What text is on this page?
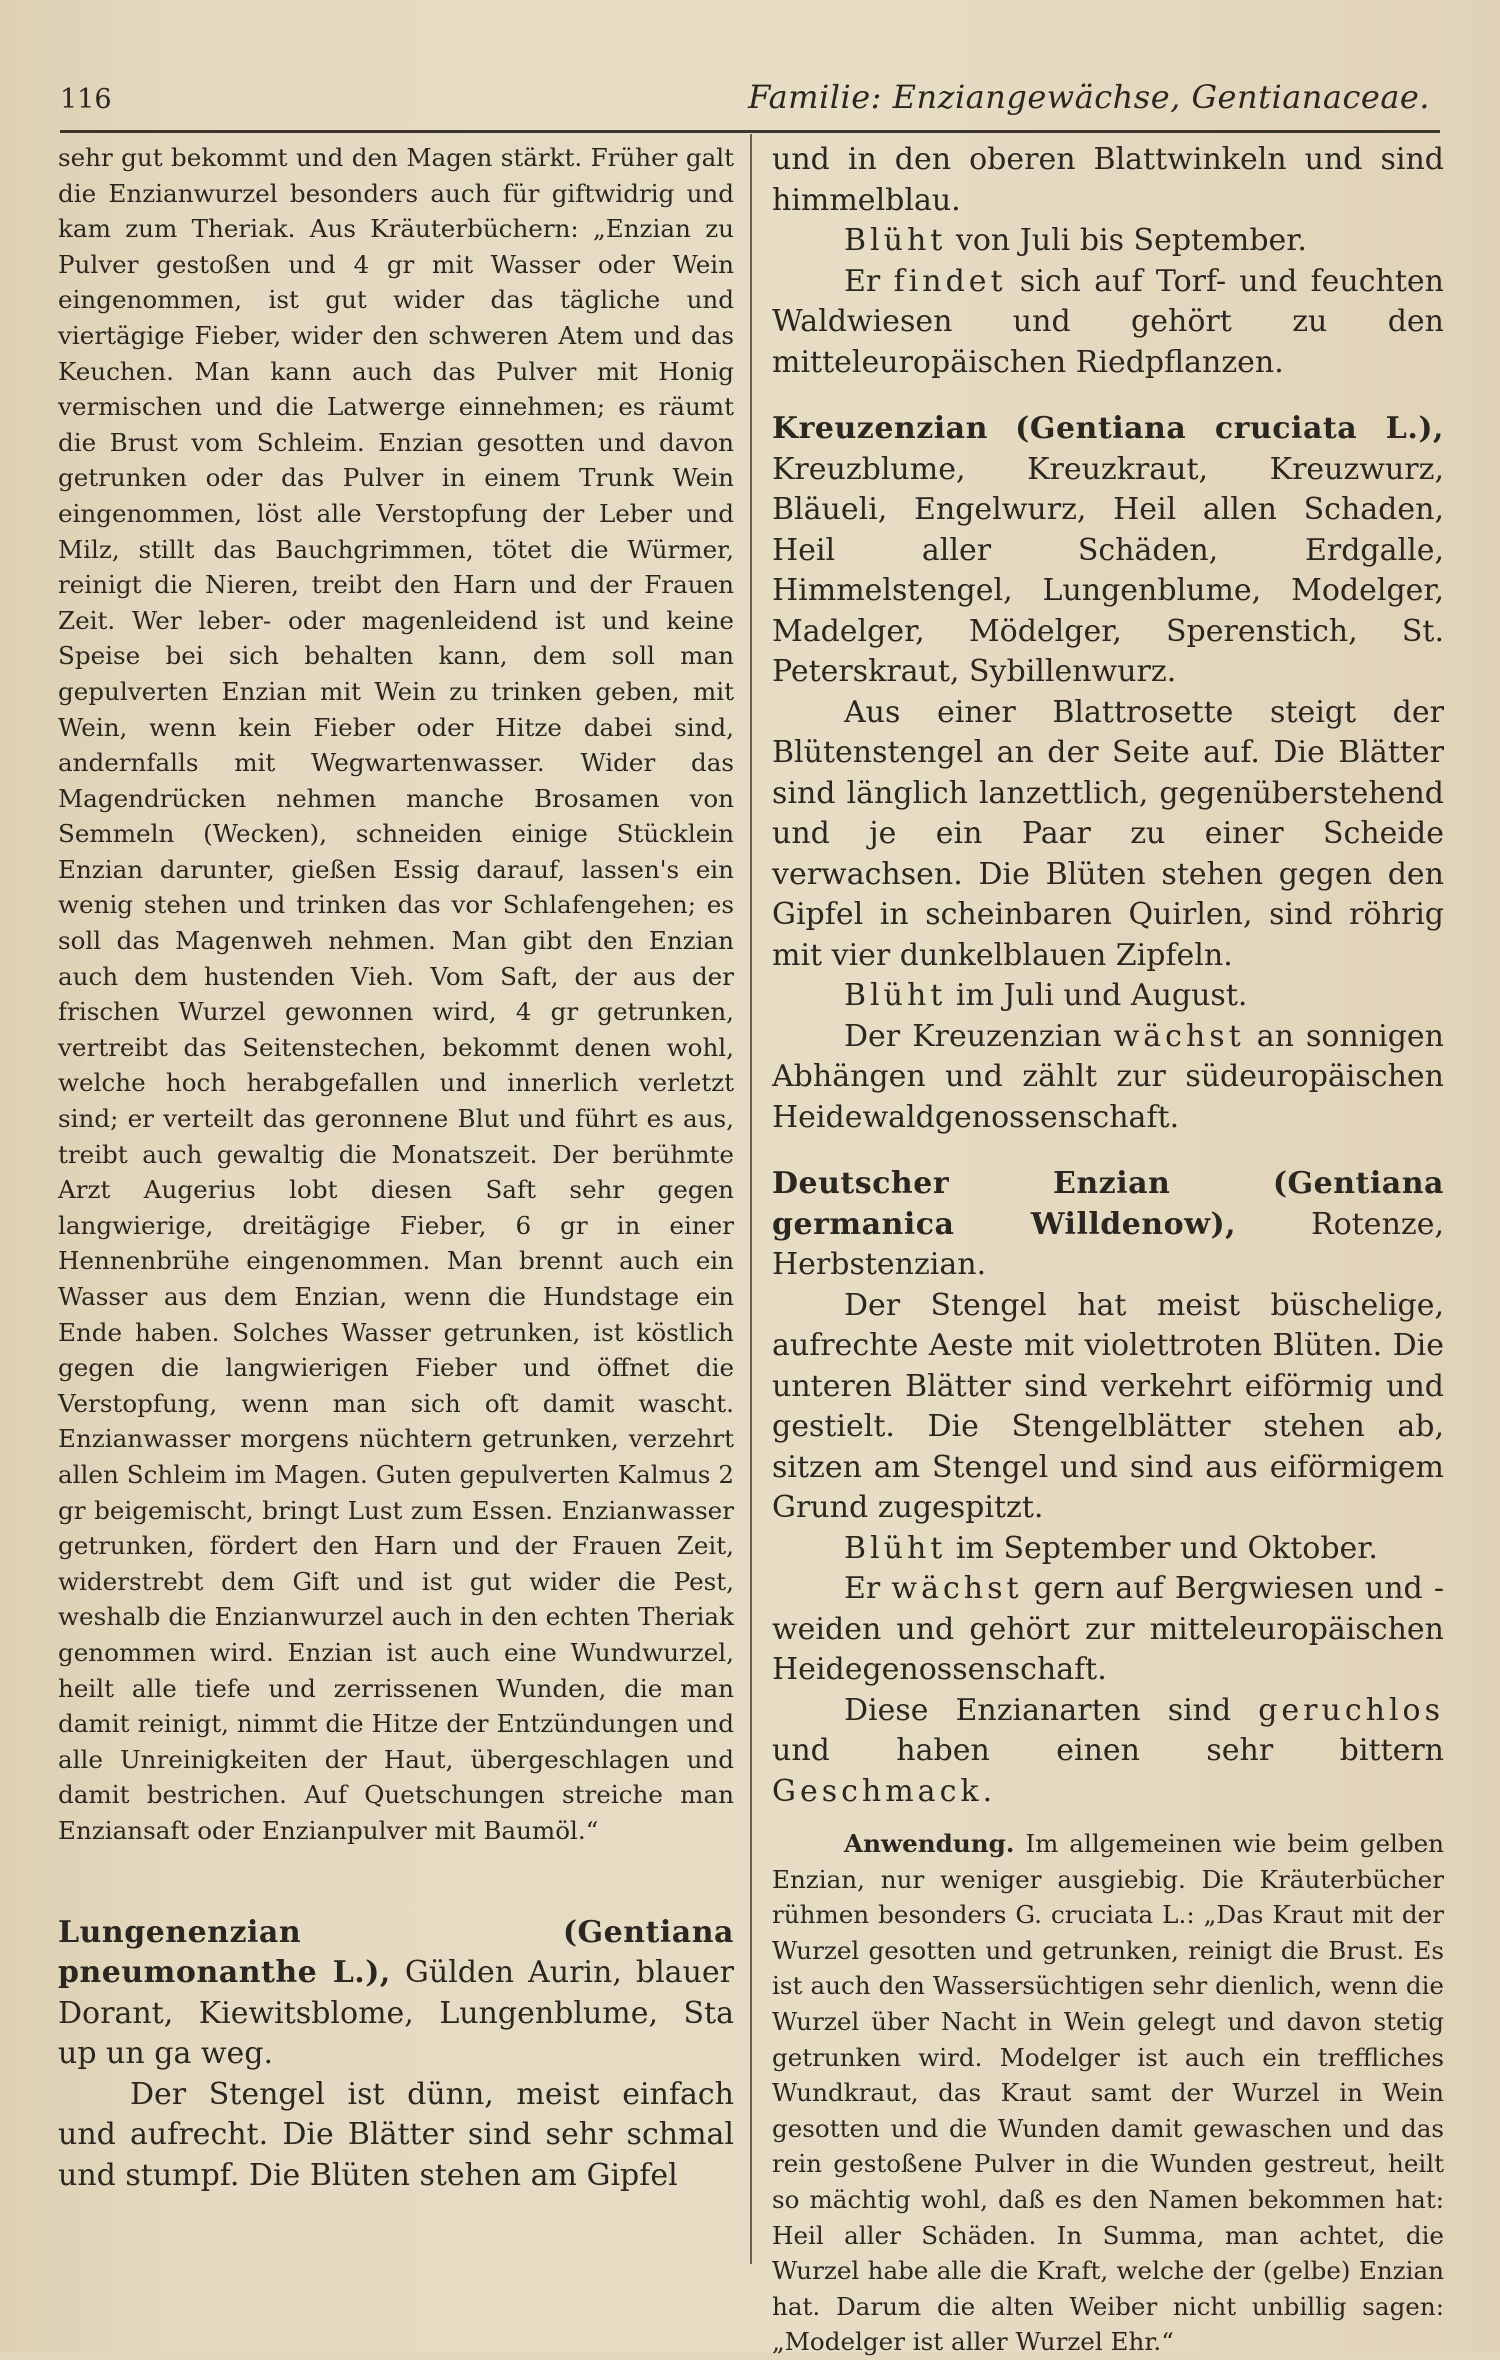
116	Familie: Enziangewächse, Gentianaceae.

sehr gut bekommt und den Magen stärkt. Früher galt die Enzianwurzel besonders auch für giftwidrig und kam zum Theriak. Aus Kräuterbüchern: „Enzian zu Pulver gestoßen und 4 gr mit Wasser oder Wein eingenommen, ist gut wider das tägliche und viertägige Fieber, wider den schweren Atem und das Keuchen. Man kann auch das Pulver mit Honig vermischen und die Latwerge einnehmen; es räumt die Brust vom Schleim. Enzian gesotten und davon getrunken oder das Pulver in einem Trunk Wein eingenommen, löst alle Verstopfung der Leber und Milz, stillt das Bauchgrimmen, tötet die Würmer, reinigt die Nieren, treibt den Harn und der Frauen Zeit. Wer leber- oder magenleidend ist und keine Speise bei sich behalten kann, dem soll man gepulverten Enzian mit Wein zu trinken geben, mit Wein, wenn kein Fieber oder Hitze dabei sind, andernfalls mit Wegwartenwasser. Wider das Magendrücken nehmen manche Brosamen von Semmeln (Wecken), schneiden einige Stücklein Enzian darunter, gießen Essig darauf, lassen's ein wenig stehen und trinken das vor Schlafengehen; es soll das Magenweh nehmen. Man gibt den Enzian auch dem hustenden Vieh. Vom Saft, der aus der frischen Wurzel gewonnen wird, 4 gr getrunken, vertreibt das Seitenstechen, bekommt denen wohl, welche hoch herabgefallen und innerlich verletzt sind; er verteilt das geronnene Blut und führt es aus, treibt auch gewaltig die Monatszeit. Der berühmte Arzt Augerius lobt diesen Saft sehr gegen langwierige, dreitägige Fieber, 6 gr in einer Hennenbrühe eingenommen. Man brennt auch ein Wasser aus dem Enzian, wenn die Hundstage ein Ende haben. Solches Wasser getrunken, ist köstlich gegen die langwierigen Fieber und öffnet die Verstopfung, wenn man sich oft damit wascht. Enzianwasser morgens nüchtern getrunken, verzehrt allen Schleim im Magen. Guten gepulverten Kalmus 2 gr beigemischt, bringt Lust zum Essen. Enzianwasser getrunken, fördert den Harn und der Frauen Zeit, widerstrebt dem Gift und ist gut wider die Pest, weshalb die Enzianwurzel auch in den echten Theriak genommen wird. Enzian ist auch eine Wundwurzel, heilt alle tiefe und zerrissenen Wunden, die man damit reinigt, nimmt die Hitze der Entzündungen und alle Unreinigkeiten der Haut, übergeschlagen und damit bestrichen. Auf Quetschungen streiche man Enziansaft oder Enzianpulver mit Baumöl.“

Lungenenzian	(Gentiana pneumonanthe L.), Gülden Aurin, blauer Dorant, Kiewitsblome, Lungenblume, Sta up un ga weg.

Der Stengel ist dünn, meist einfach und aufrecht. Die Blätter sind sehr schmal und stumpf. Die Blüten stehen am Gipfel

und in den oberen Blattwinkeln und sind himmelblau.

Blüht von Juli bis September.

Er findet sich auf Torf- und feuchten Waldwiesen und gehört zu den mitteleuropäischen Riedpflanzen.

Kreuzenzian (Gentiana cruciata L.), Kreuzblume, Kreuzkraut, Kreuzwurz, Bläueli, Engelwurz, Heil allen Schaden, Heil aller Schäden, Erdgalle, Himmelstengel, Lungenblume, Modelger, Madelger, Mödelger, Sperenstich, St. Peterskraut, Sybillenwurz.

Aus einer Blattrosette steigt der Blütenstengel an der Seite auf. Die Blätter sind länglich lanzettlich, gegenüberstehend und je ein Paar zu einer Scheide verwachsen. Die Blüten stehen gegen den Gipfel in scheinbaren Quirlen, sind röhrig mit vier dunkelblauen Zipfeln.

Blüht im Juli und August.

Der Kreuzenzian wächst an sonnigen Abhängen und zählt zur südeuropäischen Heidewaldgenossenschaft.

Deutscher Enzian	(Gentiana germanica Willdenow), Rotenze, Herbstenzian.

Der Stengel hat meist büschelige, aufrechte Aeste mit violettroten Blüten. Die unteren Blätter sind verkehrt eiförmig und gestielt. Die Stengelblätter stehen ab, sitzen am Stengel und sind aus eiförmigem Grund zugespitzt.

Blüht im September und Oktober.

Er wächst gern auf Bergwiesen und -weiden und gehört zur mitteleuropäischen Heidegenossenschaft.

Diese Enzianarten sind geruchlos und haben einen sehr bittern Geschmack.

Anwendung. Im allgemeinen wie beim gelben Enzian, nur weniger ausgiebig. Die Kräuterbücher rühmen besonders G. cruciata L.: „Das Kraut mit der Wurzel gesotten und getrunken, reinigt die Brust. Es ist auch den Wassersüchtigen sehr dienlich, wenn die Wurzel über Nacht in Wein gelegt und davon stetig getrunken wird. Modelger ist auch ein treffliches Wundkraut, das Kraut samt der Wurzel in Wein gesotten und die Wunden damit gewaschen und das rein gestoßene Pulver in die Wunden gestreut, heilt so mächtig wohl, daß es den Namen bekommen hat: Heil aller Schäden. In Summa, man achtet, die Wurzel habe alle die Kraft, welche der (gelbe) Enzian hat. Darum die alten Weiber nicht unbillig sagen: „Modelger ist aller Wurzel Ehr.“
